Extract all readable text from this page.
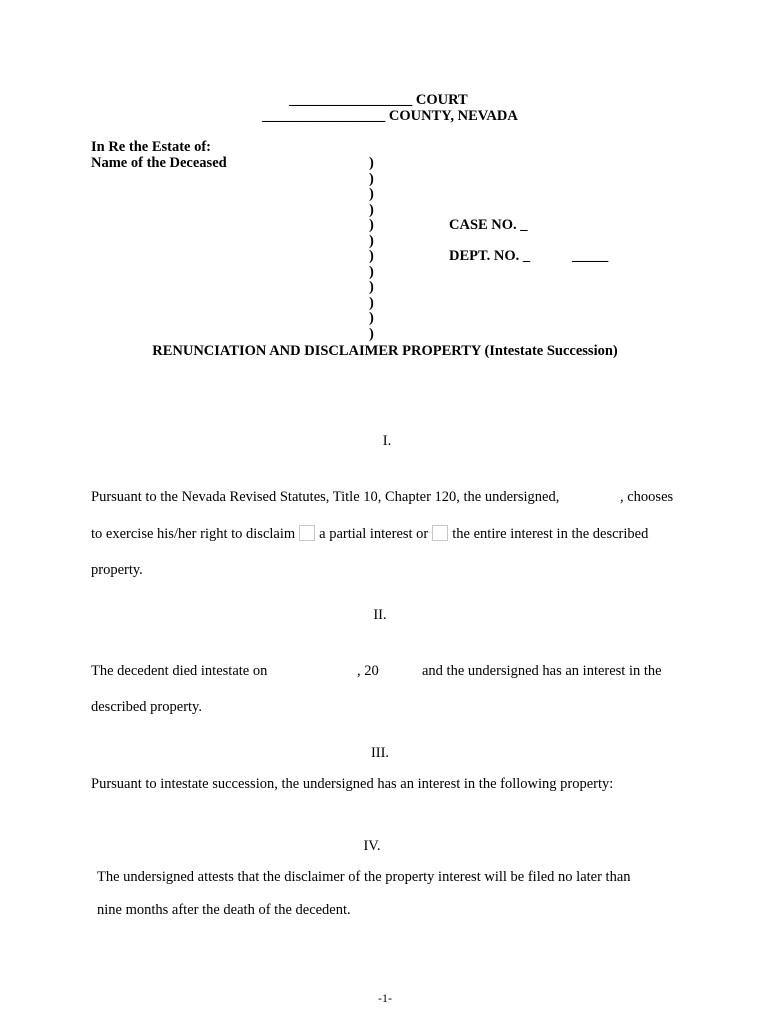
_________________ COURT
_________________ COUNTY, NEVADA
In Re the Estate of:
Name of the Deceased	)
)
)
)
)
)
)
)
)
)
)
)
CASE NO. _
DEPT. NO. _	_____
RENUNCIATION AND DISCLAIMER PROPERTY (Intestate Succession)
I.
Pursuant to the Nevada Revised Statutes, Title 10, Chapter 120, the undersigned,	, chooses
to exercise his/her right to disclaim a partial interest or the entire interest in the described
property.
II.
The decedent died intestate on	, 20	and the undersigned has an interest in the
described property.
III.
Pursuant to intestate succession, the undersigned has an interest in the following property:
IV.
The undersigned attests that the disclaimer of the property interest will be filed no later than
nine months after the death of the decedent.
-1-
